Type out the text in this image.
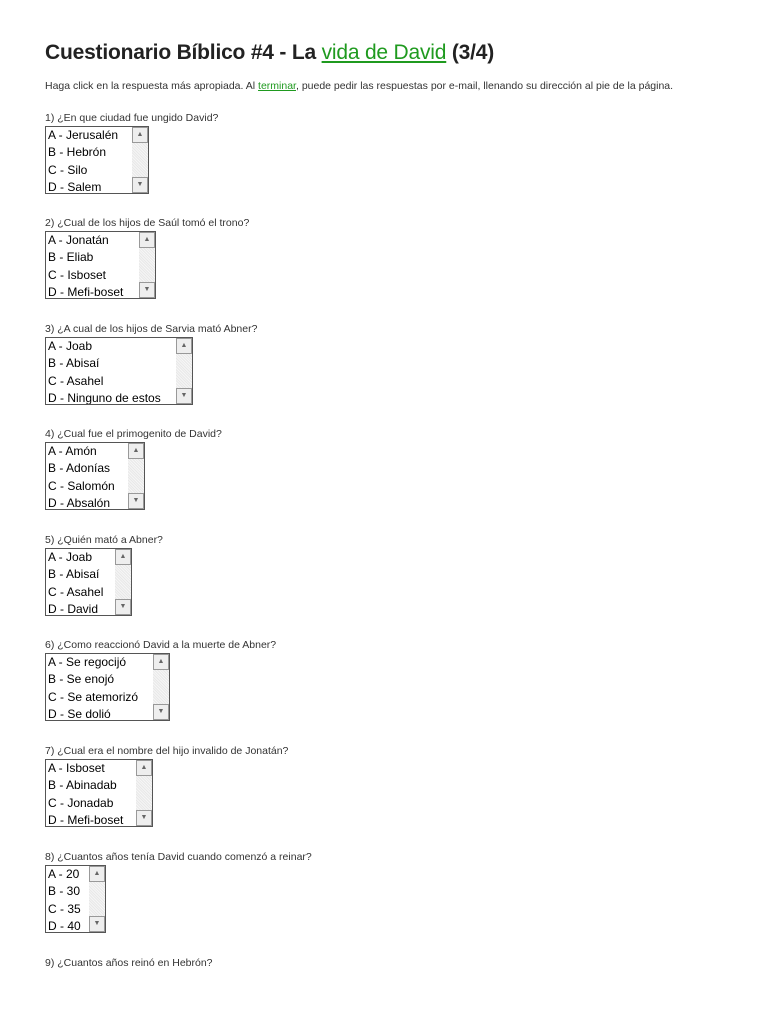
Cuestionario Bíblico #4 - La vida de David (3/4)
Haga click en la respuesta más apropiada. Al terminar, puede pedir las respuestas por e-mail, llenando su dirección al pie de la página.
1) ¿En que ciudad fue ungido David?
A - Jerusalén
B - Hebrón
C - Silo
D - Salem
▲
▼
2) ¿Cual de los hijos de Saúl tomó el trono?
A - Jonatán
B - Eliab
C - Isboset
D - Mefi-boset
▲
▼
3) ¿A cual de los hijos de Sarvia mató Abner?
A - Joab
B - Abisaí
C - Asahel
D - Ninguno de estos
▲
▼
4) ¿Cual fue el primogenito de David?
A - Amón
B - Adonías
C - Salomón
D - Absalón
▲
▼
5) ¿Quién mató a Abner?
A - Joab
B - Abisaí
C - Asahel
D - David
▲
▼
6) ¿Como reaccionó David a la muerte de Abner?
A - Se regocijó
B - Se enojó
C - Se atemorizó
D - Se dolió
▲
▼
7) ¿Cual era el nombre del hijo invalido de Jonatán?
A - Isboset
B - Abinadab
C - Jonadab
D - Mefi-boset
▲
▼
8) ¿Cuantos años tenía David cuando comenzó a reinar?
A - 20
B - 30
C - 35
D - 40
▲
▼
9) ¿Cuantos años reinó en Hebrón?
